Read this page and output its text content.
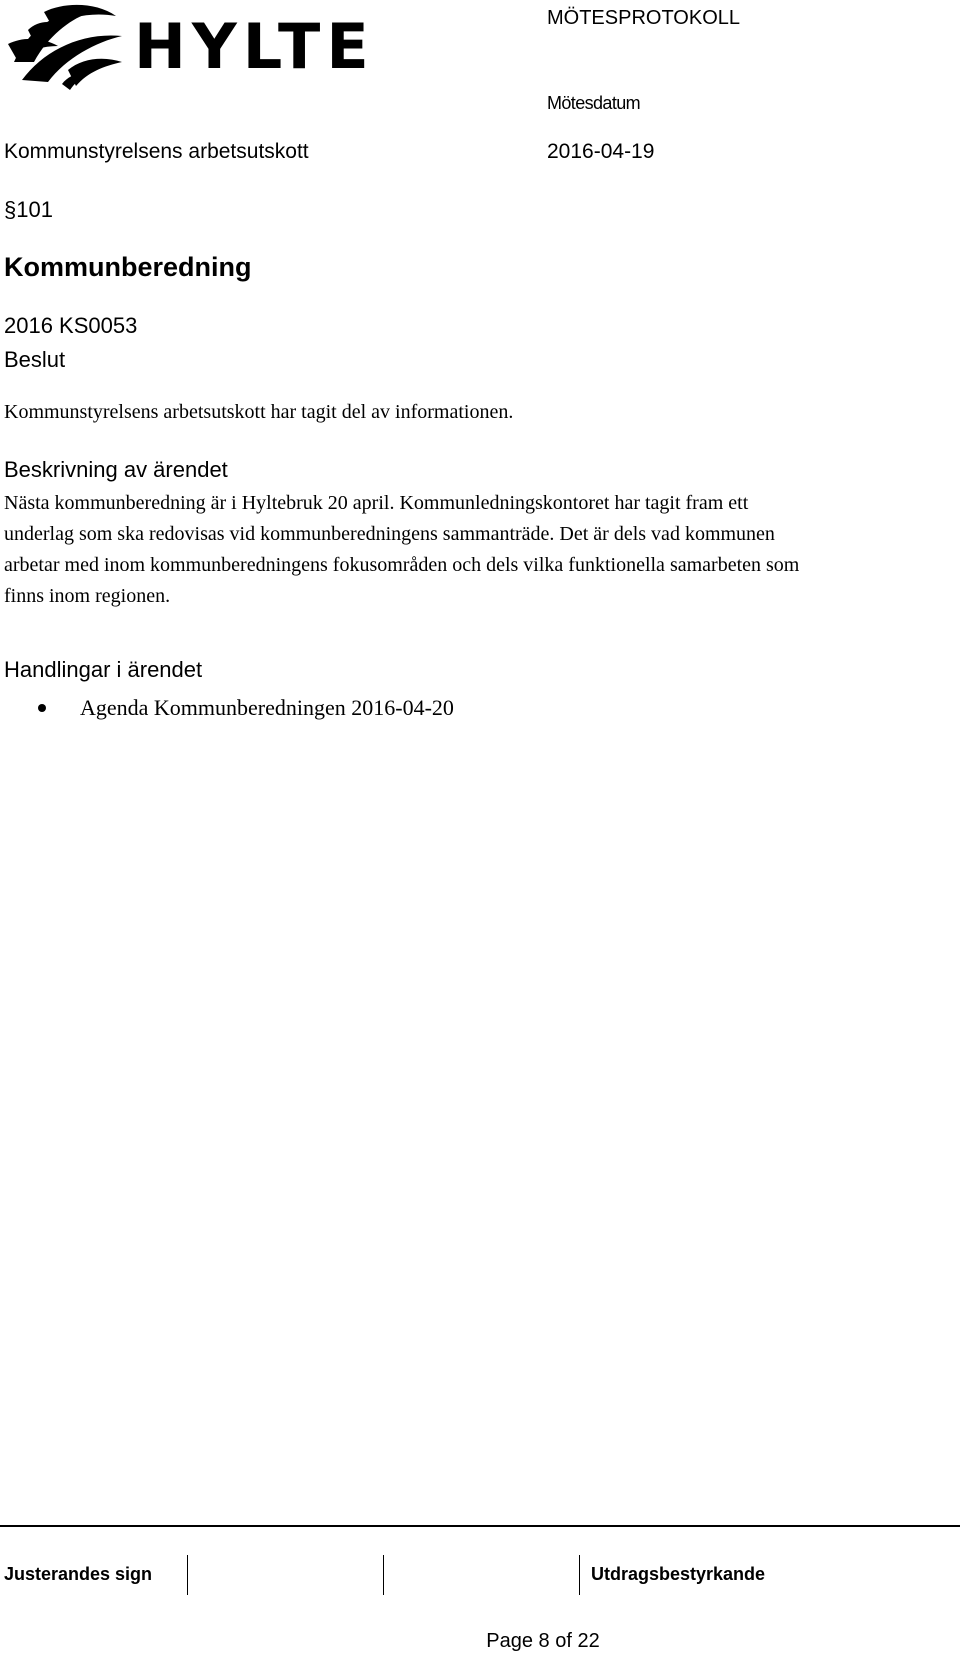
HYLTE	MÖTESPROTOKOLL
Mötesdatum
Kommunstyrelsens arbetsutskott	2016-04-19
§101
Kommunberedning
2016 KS0053
Beslut
Kommunstyrelsens arbetsutskott har tagit del av informationen.
Beskrivning av ärendet
Nästa kommunberedning är i Hyltebruk 20 april. Kommunledningskontoret har tagit fram ett
underlag som ska redovisas vid kommunberedningens sammanträde. Det är dels vad kommunen
arbetar med inom kommunberedningens fokusområden och dels vilka funktionella samarbeten som
finns inom regionen.
Handlingar i ärendet
Agenda Kommunberedningen 2016-04-20
Justerandes sign	Utdragsbestyrkande
Page 8 of 22
